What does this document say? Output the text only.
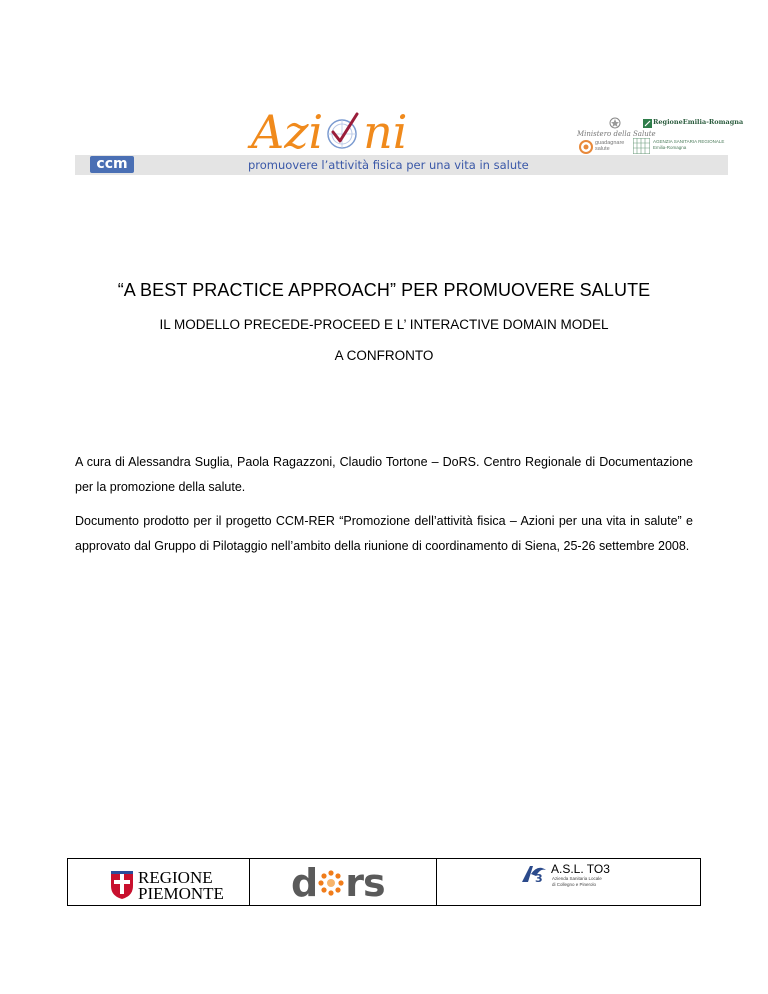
ccm
Azi ni
promuovere l’attività fisica per una vita in salute
Ministero della Salute
guadagnare
salute
RegioneEmilia-Romagna
AGENZIA SANITARIA REGIONALE
Emilia-Romagna
“A BEST PRACTICE APPROACH” PER PROMUOVERE SALUTE
IL MODELLO PRECEDE-PROCEED E L’ INTERACTIVE DOMAIN MODEL
A CONFRONTO

A cura di Alessandra Suglia, Paola Ragazzoni, Claudio Tortone – DoRS. Centro Regionale di Documentazione per la promozione della salute.

Documento prodotto per il progetto CCM-RER “Promozione dell’attività fisica – Azioni per una vita in salute” e approvato dal Gruppo di Pilotaggio nell’ambito della riunione di coordinamento di Siena, 25-26 settembre 2008.

REGIONE
PIEMONTE d rs	3
A.S.L. TO3
Azienda Sanitaria Locale
di Collegno e Pinerolo
